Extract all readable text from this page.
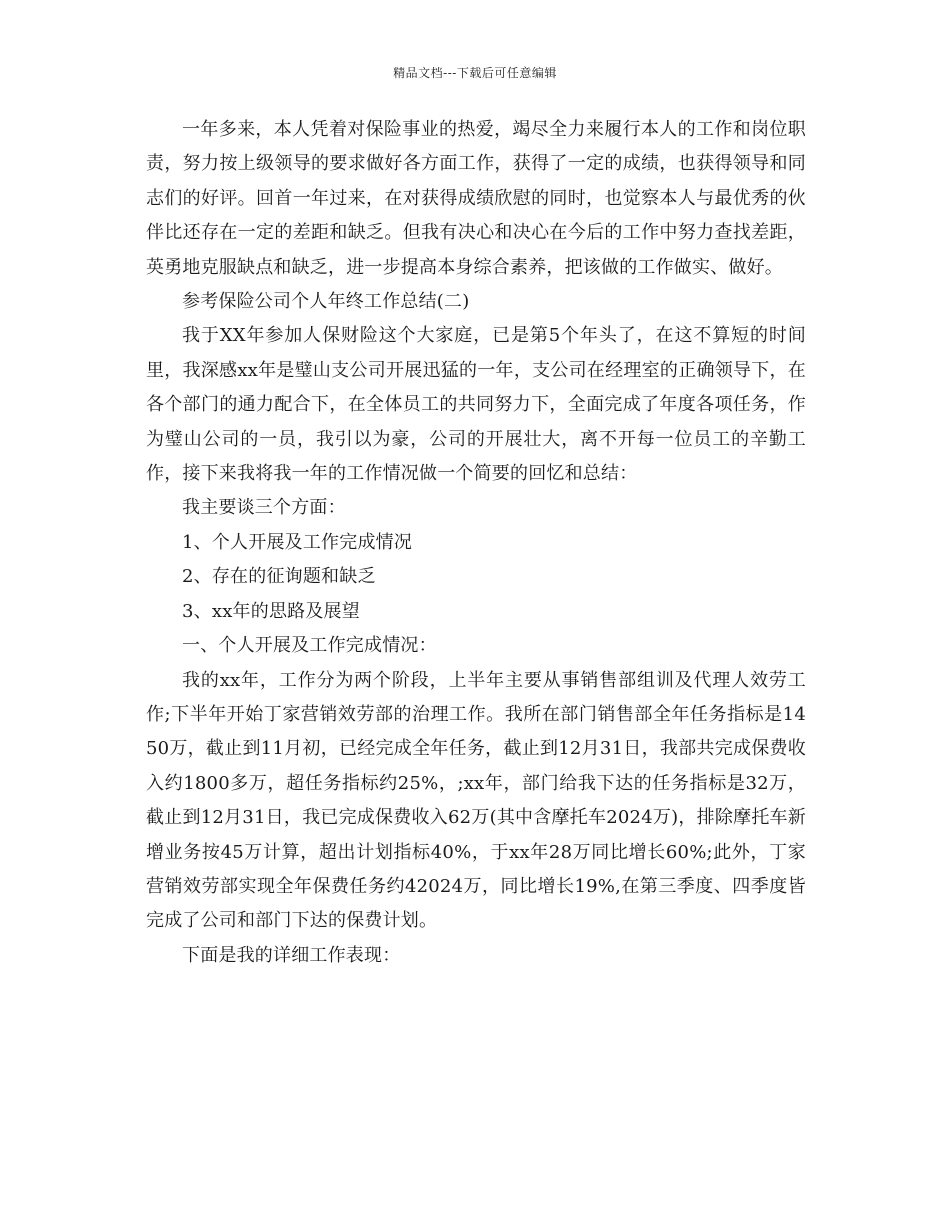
精品文档---下载后可任意编辑

一年多来，本人凭着对保险事业的热爱，竭尽全力来履行本人的工作和岗位职责，努力按上级领导的要求做好各方面工作，获得了一定的成绩，也获得领导和同志们的好评。回首一年过来，在对获得成绩欣慰的同时，也觉察本人与最优秀的伙伴比还存在一定的差距和缺乏。但我有决心和决心在今后的工作中努力查找差距，英勇地克服缺点和缺乏，进一步提高本身综合素养，把该做的工作做实、做好。

参考保险公司个人年终工作总结(二)

我于XX年参加人保财险这个大家庭，已是第5个年头了，在这不算短的时间里，我深感xx年是璧山支公司开展迅猛的一年，支公司在经理室的正确领导下，在各个部门的通力配合下，在全体员工的共同努力下，全面完成了年度各项任务，作为璧山公司的一员，我引以为豪，公司的开展壮大，离不开每一位员工的辛勤工作，接下来我将我一年的工作情况做一个简要的回忆和总结：

我主要谈三个方面：

1、个人开展及工作完成情况

2、存在的征询题和缺乏

3、xx年的思路及展望

一、个人开展及工作完成情况：

我的xx年，工作分为两个阶段，上半年主要从事销售部组训及代理人效劳工作;下半年开始丁家营销效劳部的治理工作。我所在部门销售部全年任务指标是1450万，截止到11月初，已经完成全年任务，截止到12月31日，我部共完成保费收入约1800多万，超任务指标约25%，;xx年，部门给我下达的任务指标是32万，截止到12月31日，我已完成保费收入62万(其中含摩托车2024万)，排除摩托车新增业务按45万计算，超出计划指标40%，于xx年28万同比增长60%;此外，丁家营销效劳部实现全年保费任务约42024万，同比增长19%,在第三季度、四季度皆完成了公司和部门下达的保费计划。

下面是我的详细工作表现：
